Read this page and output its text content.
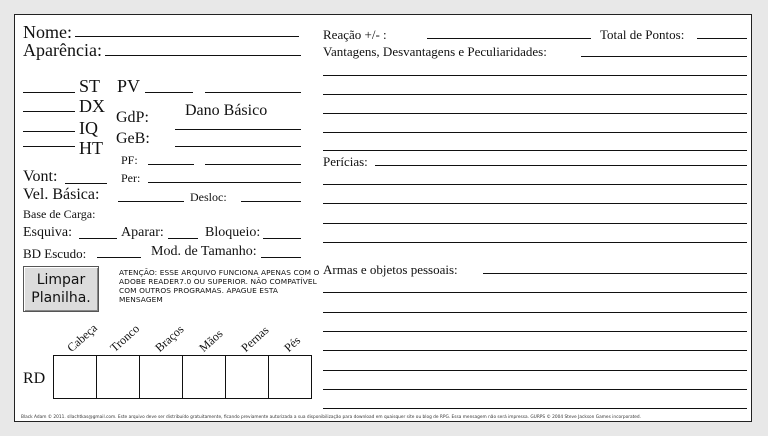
Nome:
Aparência:
ST
DX
IQ
HT
PV
Dano Básico
GdP:
GeB:
PF:
Per:
Vont:
Vel. Básica:	Desloc:
Base de Carga:
Esquiva:	Aparar:	Bloqueio:
BD Escudo:	Mod. de Tamanho:
Limpar
Planilha.
ATENÇÃO: ESSE ARQUIVO FUNCIONA APENAS COM O ADOBE READER7.0 OU SUPERIOR. NÃO COMPATÍVEL COM OUTROS PROGRAMAS. APAGUE ESTA MENSAGEM
Cabeça Tronco Braços Mãos Pernas Pés
RD

Reação +/- :	Total de Pontos:
Vantagens, Desvantagens e Peculiaridades:
Perícias:
Armas e objetos pessoais:
Black Adam © 2011. sllachtkas@gmail.com. Este arquivo deve ser distribuído gratuitamente, ficando previamente autorizada a sua disponibilização para download em quaisquer site ou blog de RPG. Essa mensagem não será impressa. GURPS © 2004 Steve Jackson Games incorporated.
